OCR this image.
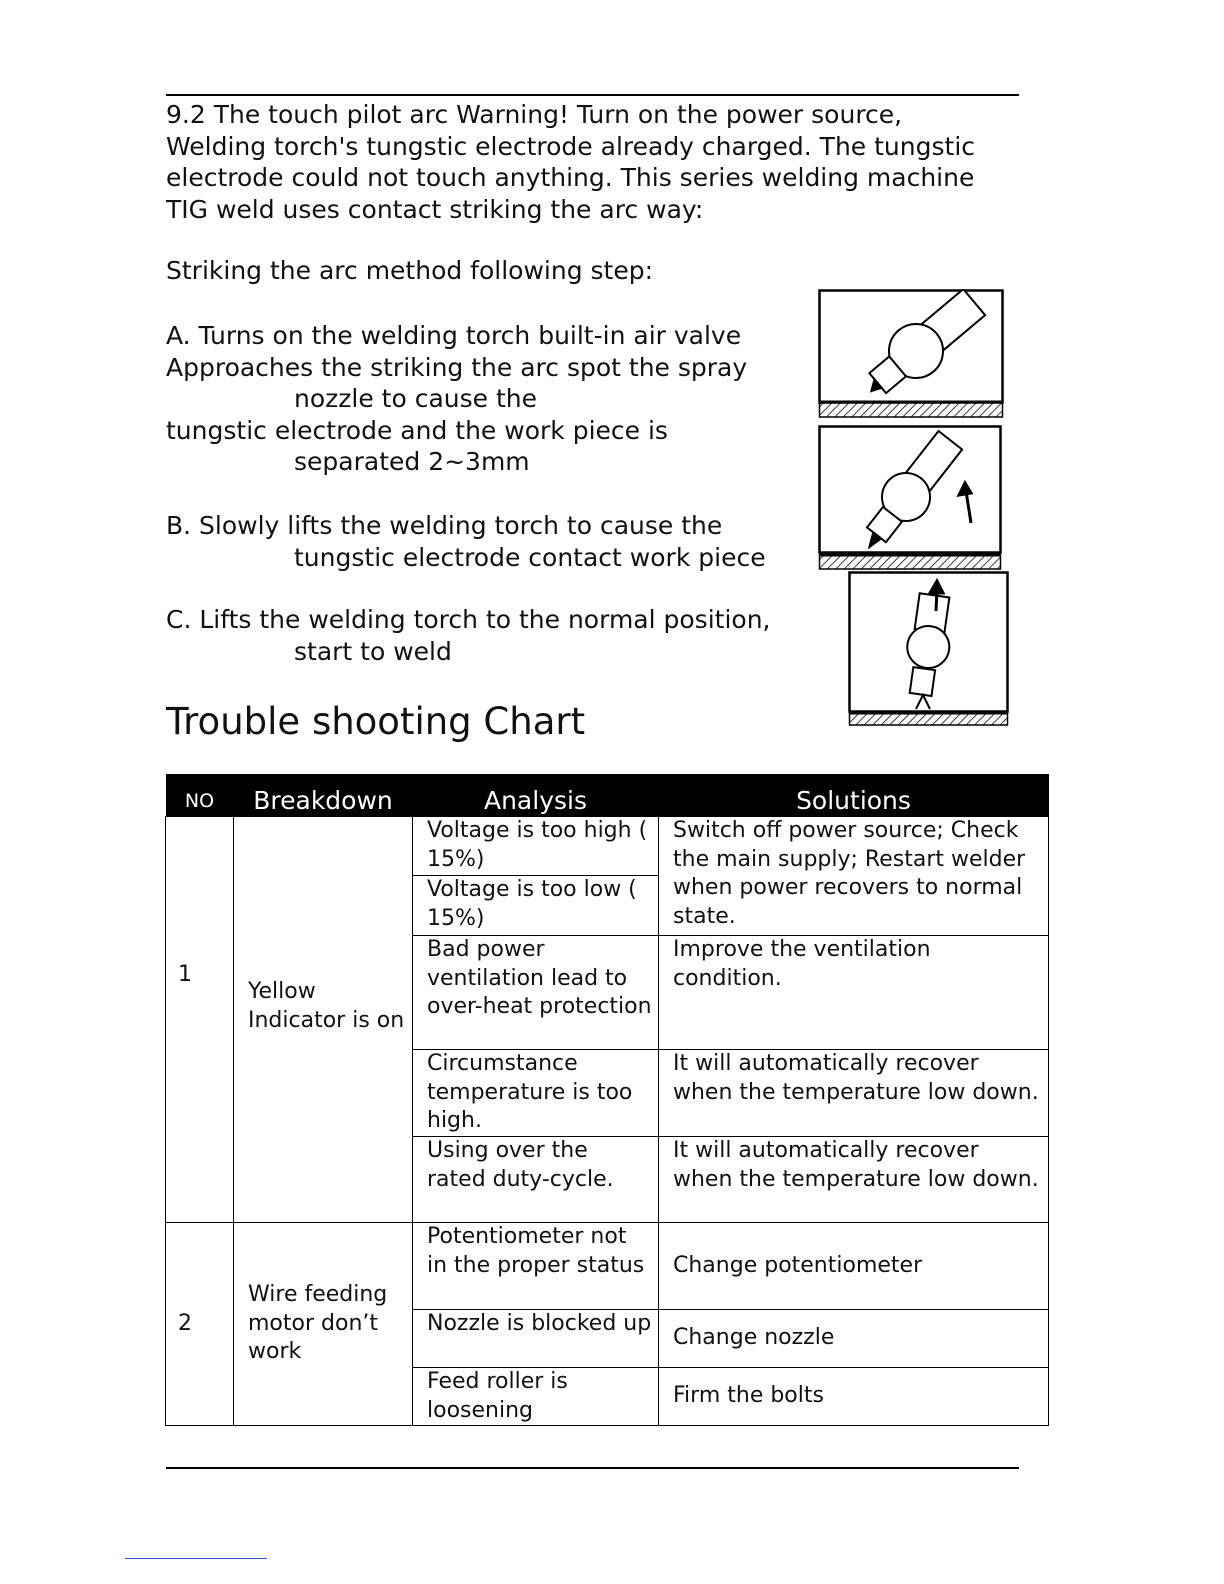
9.2 The touch pilot arc Warning! Turn on the power source,
Welding torch's tungstic electrode already charged. The tungstic
electrode could not touch anything. This series welding machine
TIG weld uses contact striking the arc way:
Striking the arc method following step:
A. Turns on the welding torch built-in air valve
Approaches the striking the arc spot the spray
nozzle to cause the
tungstic electrode and the work piece is
separated 2~3mm
B. Slowly lifts the welding torch to cause the
tungstic electrode contact work piece
C. Lifts the welding torch to the normal position,
start to weld
Trouble shooting Chart
NO	Breakdown	Analysis	Solutions
1	Yellow Indicator is on	Voltage is too high ( 15%)	Switch off power source; Check the main supply; Restart welder when power recovers to normal state.
		Voltage is too low ( 15%)	
		Bad power ventilation lead to over-heat protection	Improve the ventilation condition.
		Circumstance temperature is too high.	It will automatically recover when the temperature low down.
		Using over the rated duty-cycle.	It will automatically recover when the temperature low down.

2	Wire feeding motor don’t work	Potentiometer not in the proper status	Change potentiometer
		Nozzle is blocked up	Change nozzle
		Feed roller is loosening	Firm the bolts
